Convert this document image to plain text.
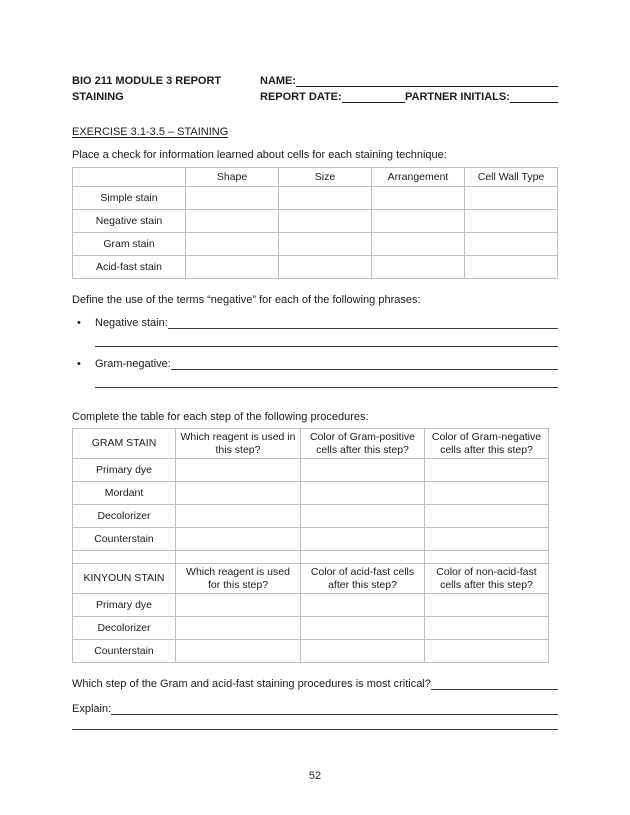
BIO 211 MODULE 3 REPORT	NAME:
STAINING	REPORT DATE:	PARTNER INITIALS:
EXERCISE 3.1-3.5 – STAINING
Place a check for information learned about cells for each staining technique:
	Shape	Size	Arrangement	Cell Wall Type
Simple stain				
Negative stain				
Gram stain				
Acid-fast stain				
Define the use of the terms “negative” for each of the following phrases:
•	Negative stain:
•	Gram-negative:
Complete the table for each step of the following procedures:
GRAM STAIN	Which reagent is used in this step?	Color of Gram-positive cells after this step?	Color of Gram-negative cells after this step?
Primary dye			
Mordant			
Decolorizer			
Counterstain			

KINYOUN STAIN	Which reagent is used for this step?	Color of acid-fast cells after this step?	Color of non-acid-fast cells after this step?
Primary dye			
Decolorizer			
Counterstain			
Which step of the Gram and acid-fast staining procedures is most critical?
Explain:
52
